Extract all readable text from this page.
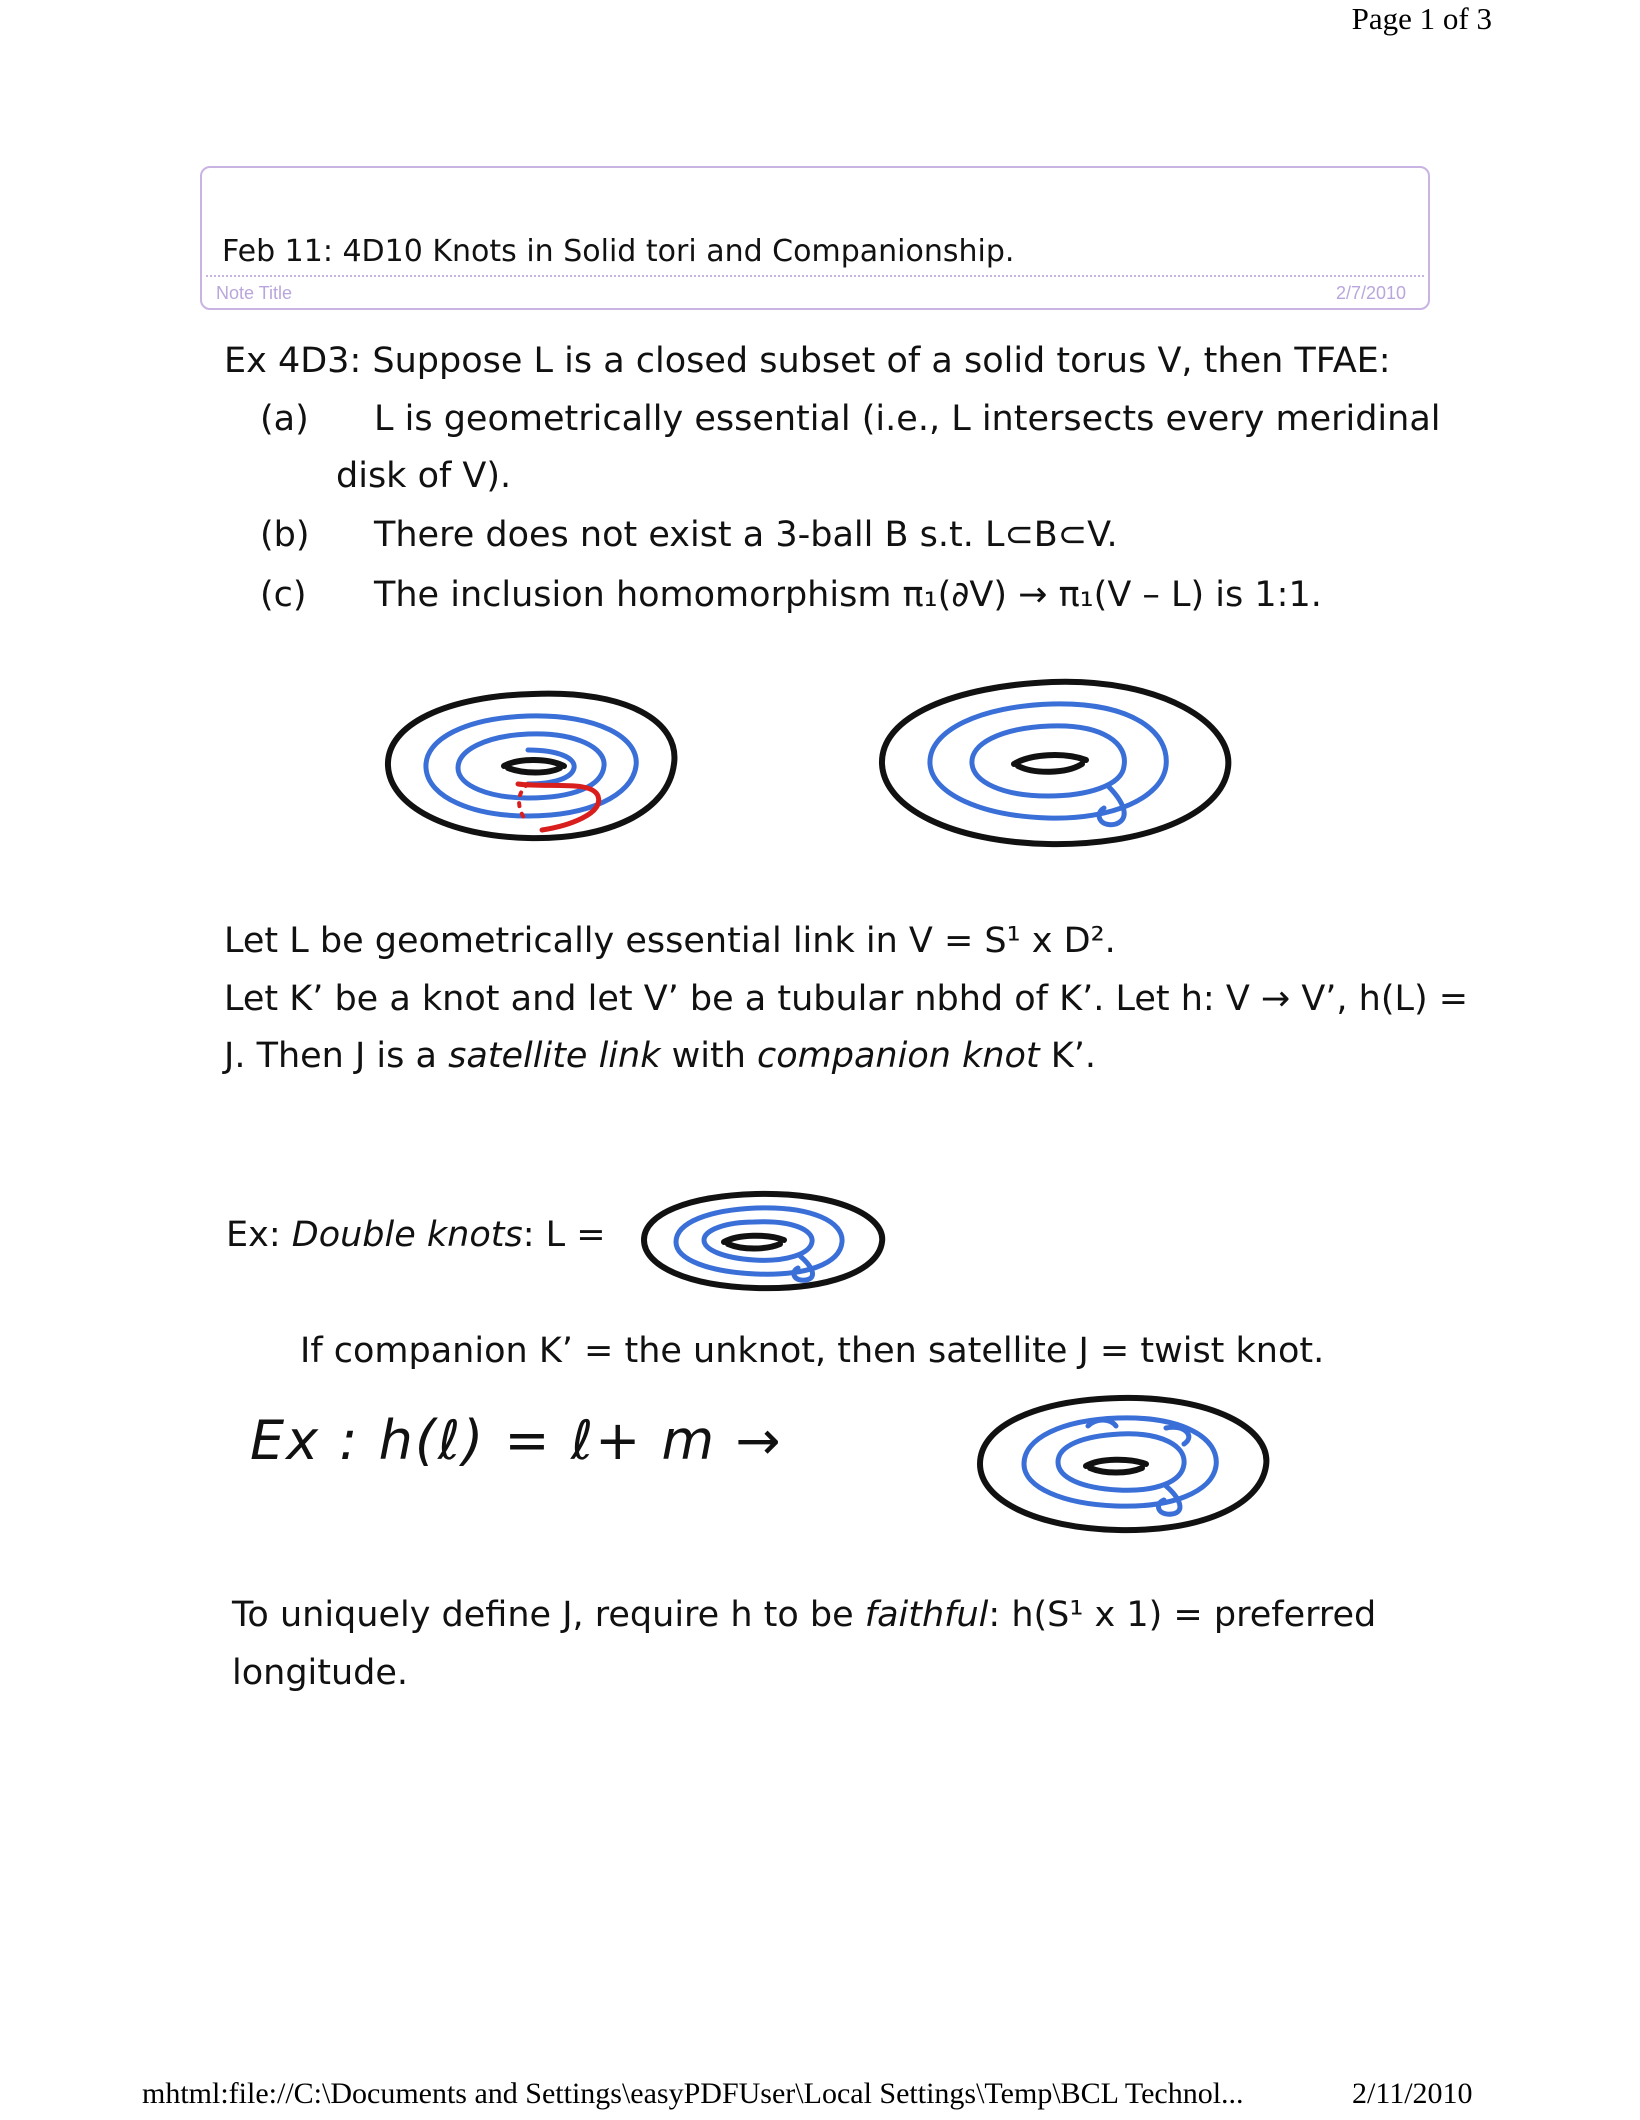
Page 1 of 3
Feb 11: 4D10 Knots in Solid tori and Companionship.
Note Title	2/7/2010
Ex 4D3: Suppose L is a closed subset of a solid torus V, then TFAE:
(a) L is geometrically essential (i.e., L intersects every meridinal
disk of V).
(b) There does not exist a 3-ball B s.t. L⊂B⊂V.
(c) The inclusion homomorphism π₁(∂V) → π₁(V – L) is 1:1.
Let L be geometrically essential link in V = S¹ x D².
Let K’ be a knot and let V’ be a tubular nbhd of K’. Let h: V → V’, h(L) =
J. Then J is a satellite link with companion knot K’.
Ex: Double knots: L =
If companion K’ = the unknot, then satellite J = twist knot.
Ex : h(ℓ) = ℓ+ m →
To uniquely define J, require h to be faithful: h(S¹ x 1) = preferred
longitude.
mhtml:file://C:\Documents and Settings\easyPDFUser\Local Settings\Temp\BCL Technol...	2/11/2010
